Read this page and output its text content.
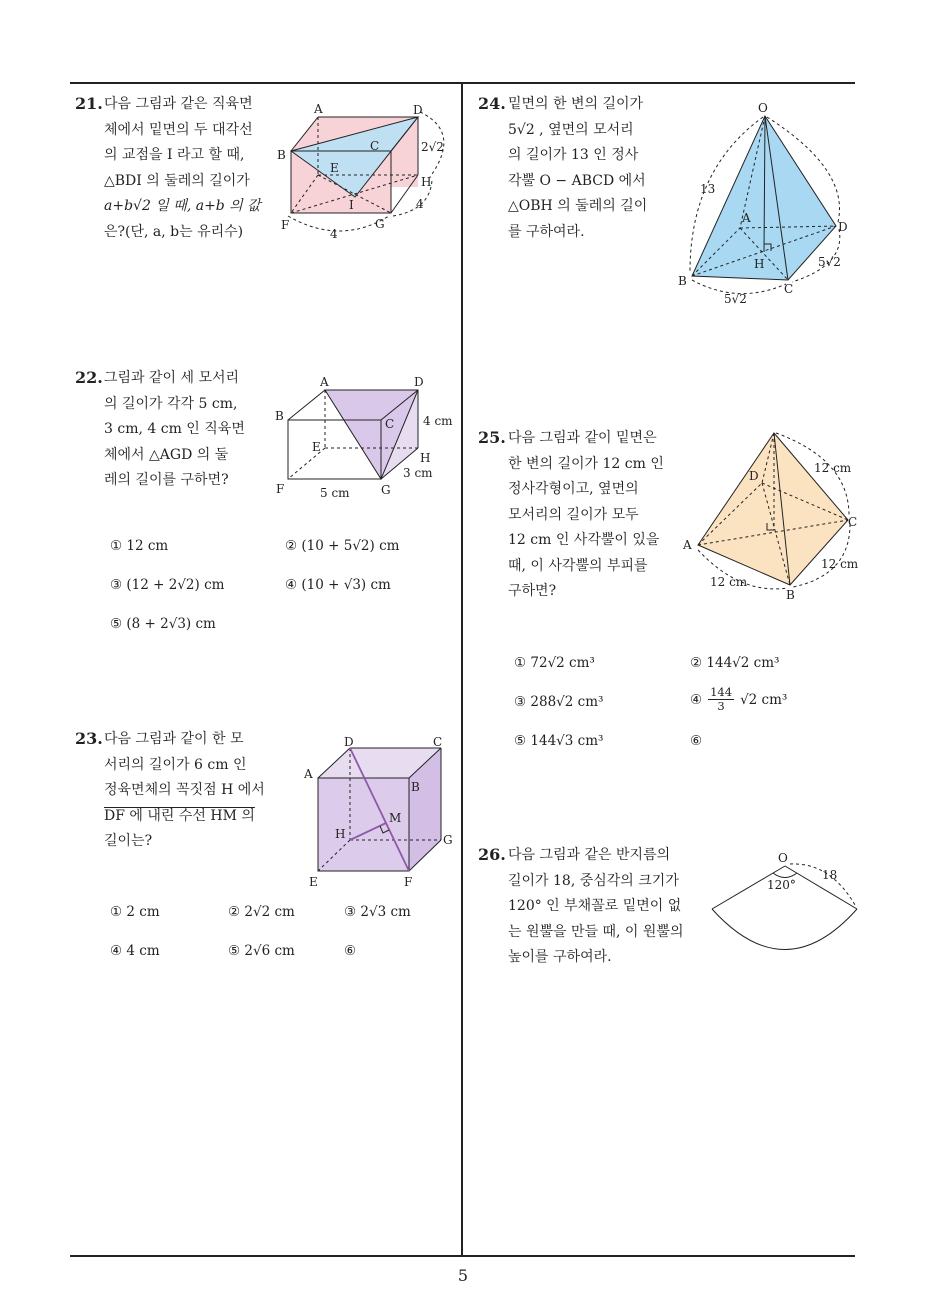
21. 다음 그림과 같은 직육면
체에서 밑면의 두 대각선
의 교점을 I 라고 할 때,
△BDI 의 둘레의 길이가
a+b√2 일 때, a+b 의 값
은?(단, a, b는 유리수)
A	D
B
C
E
H
I
F	G
2√2
4
4
22. 그림과 같이 세 모서리
의 길이가 각각 5 cm,
3 cm, 4 cm 인 직육면
체에서 △AGD 의 둘
레의 길이를 구하면?
A	D
B
C
E
H
F	G
4 cm
3 cm
5 cm
① 12 cm	② (10 + 5√2) cm
③ (12 + 2√2) cm	④ (10 + √3) cm
⑤ (8 + 2√3) cm
23. 다음 그림과 같이 한 모
서리의 길이가 6 cm 인
정육면체의 꼭짓점 H 에서
DF 에 내린 수선 HM 의
길이는?
D	C
A
B
M
H	G
E	F
① 2 cm	② 2√2 cm	③ 2√3 cm
④ 4 cm	⑤ 2√6 cm	⑥
24. 밑면의 한 변의 길이가
5√2 , 옆면의 모서리
의 길이가 13 인 정사
각뿔 O − ABCD 에서
△OBH 의 둘레의 길이
를 구하여라.
O
A
D
B
C
H
13
5√2
5√2
25. 다음 그림과 같이 밑면은
한 변의 길이가 12 cm 인
정사각형이고, 옆면의
모서리의 길이가 모두
12 cm 인 사각뿔이 있을
때, 이 사각뿔의 부피를
구하면?
D
C
A
B
12 cm
12 cm
12 cm
① 72√2 cm³	② 144√2 cm³
③ 288√2 cm³	④ $\frac{144}{3} √2$ cm³
⑤ 144√3 cm³	⑥
26. 다음 그림과 같은 반지름의
길이가 18, 중심각의 크기가
120° 인 부채꼴로 밑면이 없
는 원뿔을 만들 때, 이 원뿔의
높이를 구하여라.
O
120°
18
5
